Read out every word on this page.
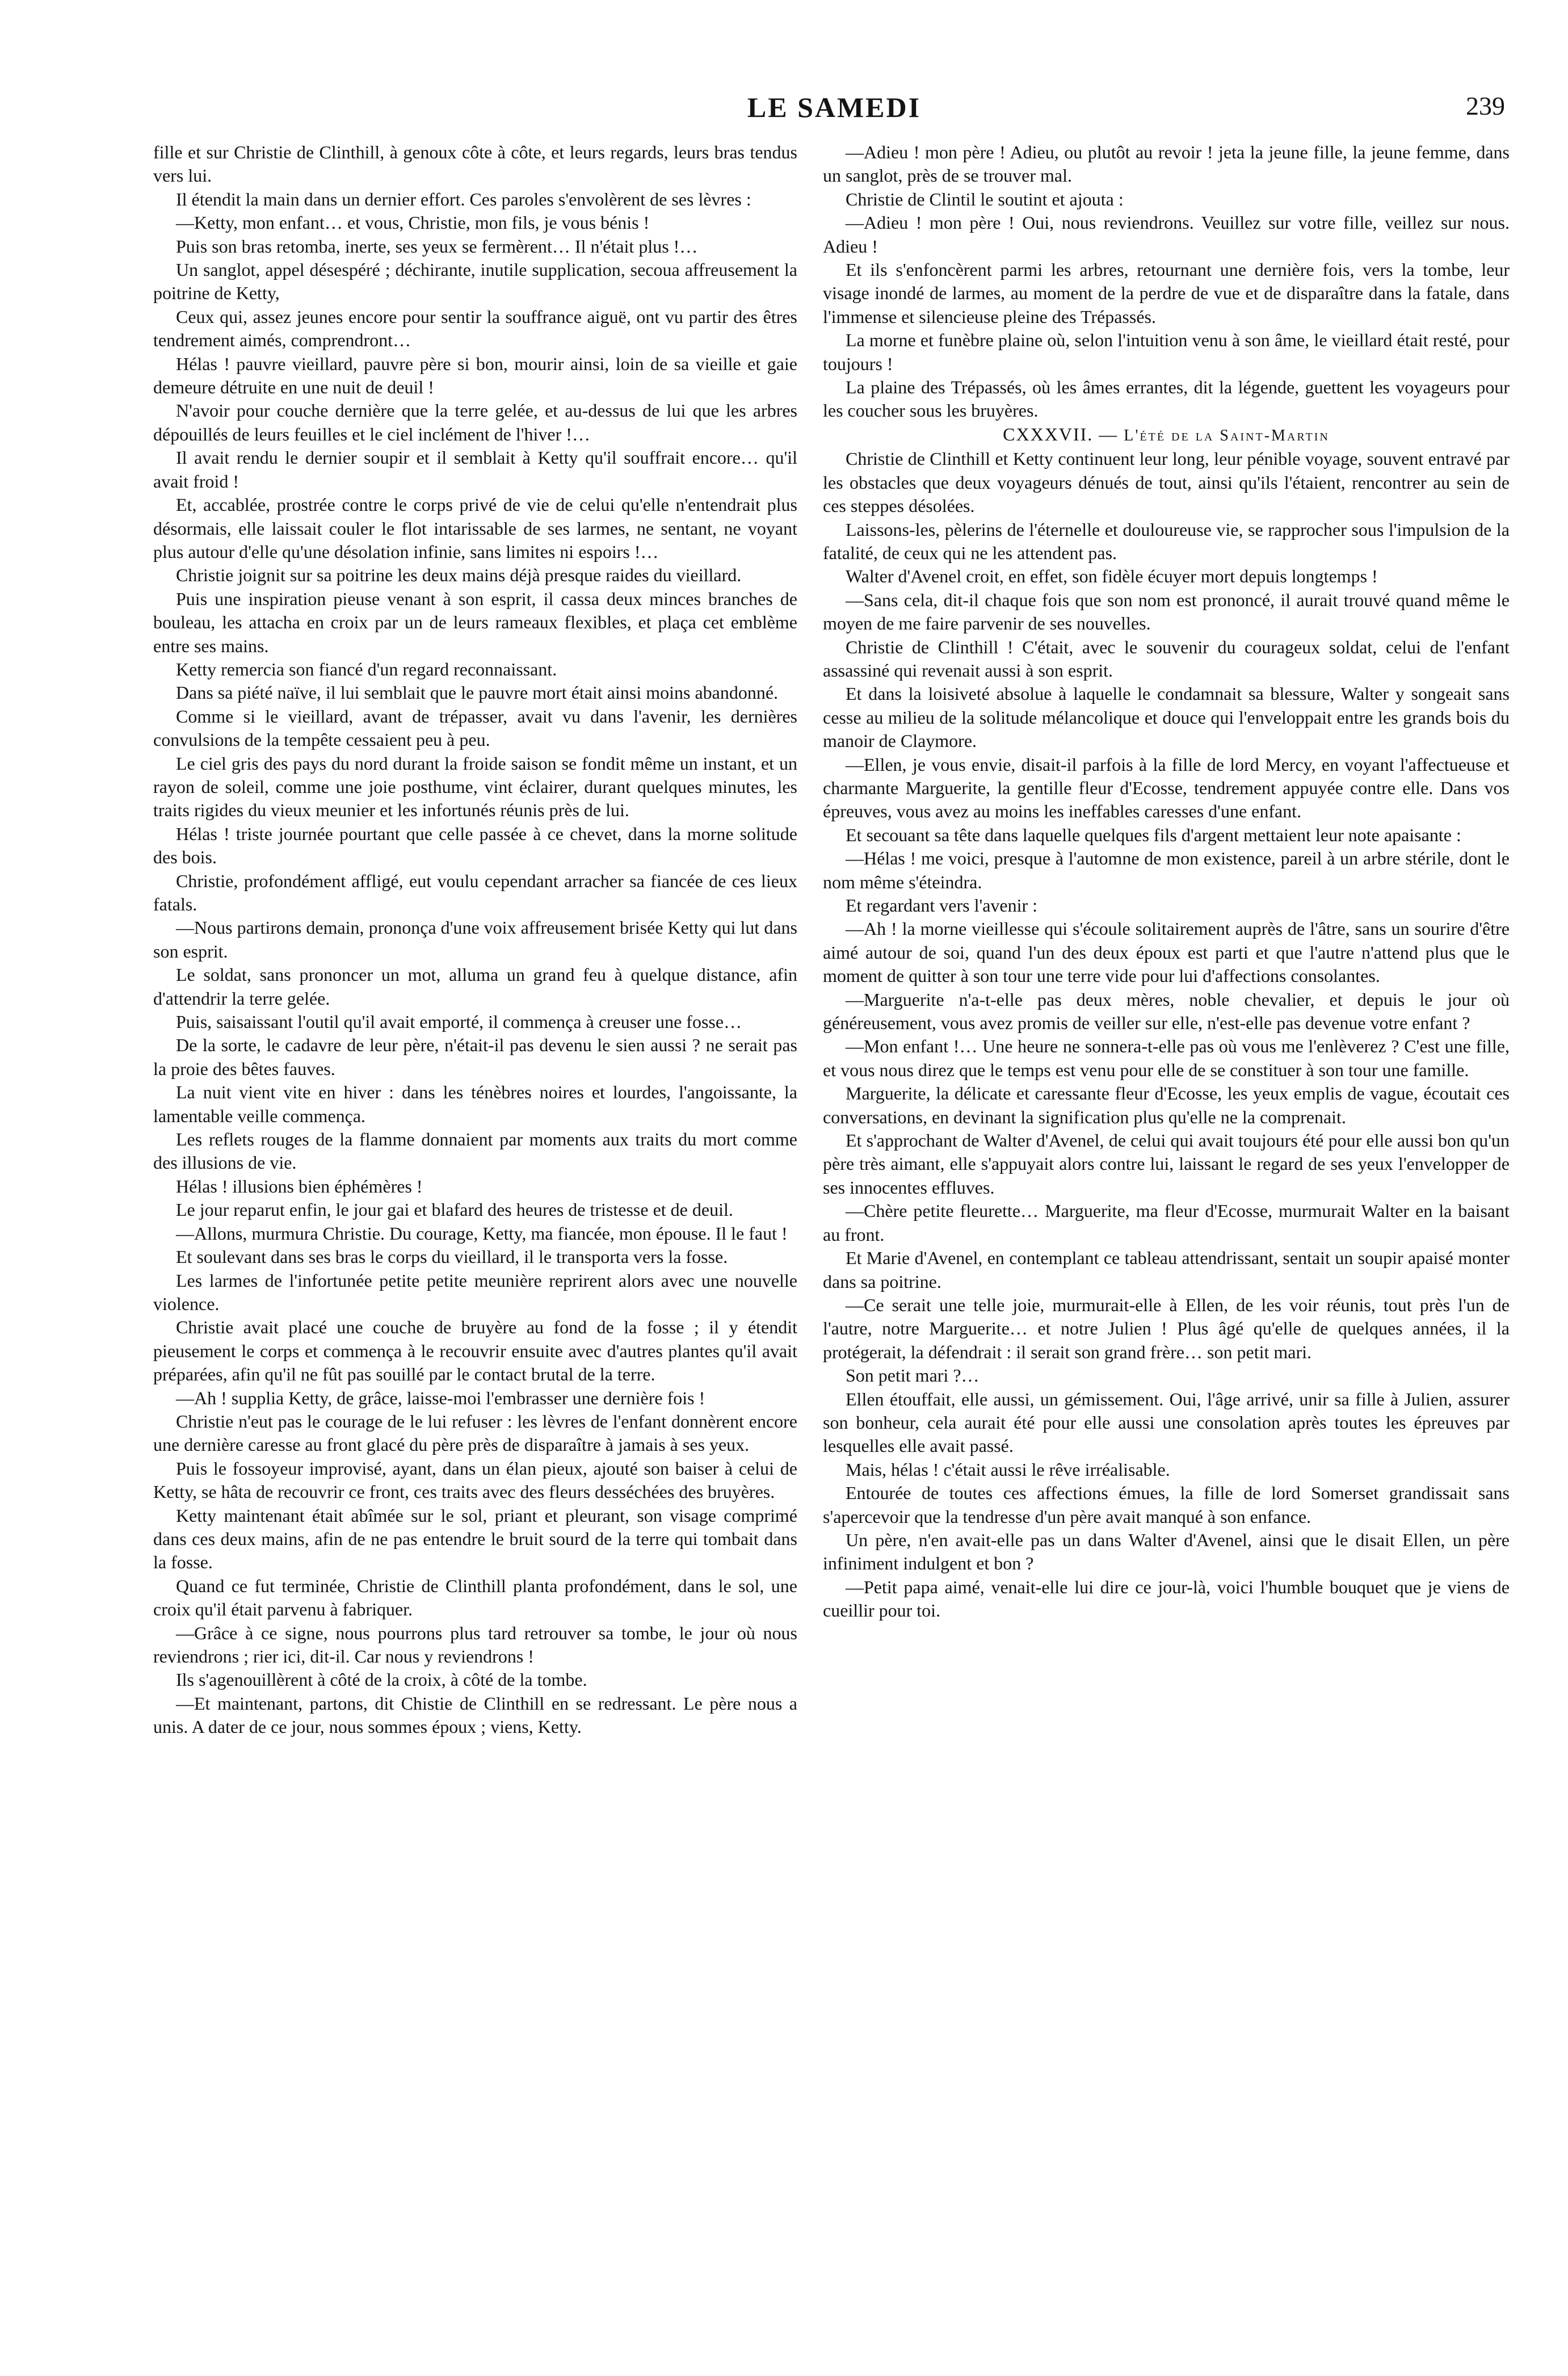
LE SAMEDI	239

fille et sur Christie de Clinthill, à genoux côte à côte, et leurs regards, leurs bras tendus vers lui.

Il étendit la main dans un dernier effort. Ces paroles s'envolèrent de ses lèvres :

—Ketty, mon enfant… et vous, Christie, mon fils, je vous bénis !

Puis son bras retomba, inerte, ses yeux se fermèrent… Il n'était plus !…

Un sanglot, appel désespéré ; déchirante, inutile supplication, secoua affreusement la poitrine de Ketty,

Ceux qui, assez jeunes encore pour sentir la souffrance aiguë, ont vu partir des êtres tendrement aimés, comprendront…

Hélas ! pauvre vieillard, pauvre père si bon, mourir ainsi, loin de sa vieille et gaie demeure détruite en une nuit de deuil !

N'avoir pour couche dernière que la terre gelée, et au-dessus de lui que les arbres dépouillés de leurs feuilles et le ciel inclément de l'hiver !…

Il avait rendu le dernier soupir et il semblait à Ketty qu'il souffrait encore… qu'il avait froid !

Et, accablée, prostrée contre le corps privé de vie de celui qu'elle n'entendrait plus désormais, elle laissait couler le flot intarissable de ses larmes, ne sentant, ne voyant plus autour d'elle qu'une désolation infinie, sans limites ni espoirs !…

Christie joignit sur sa poitrine les deux mains déjà presque raides du vieillard.

Puis une inspiration pieuse venant à son esprit, il cassa deux minces branches de bouleau, les attacha en croix par un de leurs rameaux flexibles, et plaça cet emblème entre ses mains.

Ketty remercia son fiancé d'un regard reconnaissant.

Dans sa piété naïve, il lui semblait que le pauvre mort était ainsi moins abandonné.

Comme si le vieillard, avant de trépasser, avait vu dans l'avenir, les dernières convulsions de la tempête cessaient peu à peu.

Le ciel gris des pays du nord durant la froide saison se fondit même un instant, et un rayon de soleil, comme une joie posthume, vint éclairer, durant quelques minutes, les traits rigides du vieux meunier et les infortunés réunis près de lui.

Hélas ! triste journée pourtant que celle passée à ce chevet, dans la morne solitude des bois.

Christie, profondément affligé, eut voulu cependant arracher sa fiancée de ces lieux fatals.

—Nous partirons demain, prononça d'une voix affreusement brisée Ketty qui lut dans son esprit.

Le soldat, sans prononcer un mot, alluma un grand feu à quelque distance, afin d'attendrir la terre gelée.

Puis, saisaissant l'outil qu'il avait emporté, il commença à creuser une fosse…

De la sorte, le cadavre de leur père, n'était-il pas devenu le sien aussi ? ne serait pas la proie des bêtes fauves.

La nuit vient vite en hiver : dans les ténèbres noires et lourdes, l'angoissante, la lamentable veille commença.

Les reflets rouges de la flamme donnaient par moments aux traits du mort comme des illusions de vie.

Hélas ! illusions bien éphémères !

Le jour reparut enfin, le jour gai et blafard des heures de tristesse et de deuil.

—Allons, murmura Christie. Du courage, Ketty, ma fiancée, mon épouse. Il le faut !

Et soulevant dans ses bras le corps du vieillard, il le transporta vers la fosse.

Les larmes de l'infortunée petite petite meunière reprirent alors avec une nouvelle violence.

Christie avait placé une couche de bruyère au fond de la fosse ; il y étendit pieusement le corps et commença à le recouvrir ensuite avec d'autres plantes qu'il avait préparées, afin qu'il ne fût pas souillé par le contact brutal de la terre.

—Ah ! supplia Ketty, de grâce, laisse-moi l'embrasser une dernière fois !

Christie n'eut pas le courage de le lui refuser : les lèvres de l'enfant donnèrent encore une dernière caresse au front glacé du père près de disparaître à jamais à ses yeux.

Puis le fossoyeur improvisé, ayant, dans un élan pieux, ajouté son baiser à celui de Ketty, se hâta de recouvrir ce front, ces traits avec des fleurs desséchées des bruyères.

Ketty maintenant était abîmée sur le sol, priant et pleurant, son visage comprimé dans ces deux mains, afin de ne pas entendre le bruit sourd de la terre qui tombait dans la fosse.

Quand ce fut terminée, Christie de Clinthill planta profondément, dans le sol, une croix qu'il était parvenu à fabriquer.

—Grâce à ce signe, nous pourrons plus tard retrouver sa tombe, le jour où nous reviendrons ; rier ici, dit-il. Car nous y reviendrons !

Ils s'agenouillèrent à côté de la croix, à côté de la tombe.

—Et maintenant, partons, dit Chistie de Clinthill en se redressant. Le père nous a unis. A dater de ce jour, nous sommes époux ; viens, Ketty.

—Adieu ! mon père ! Adieu, ou plutôt au revoir ! jeta la jeune fille, la jeune femme, dans un sanglot, près de se trouver mal.

Christie de Clintil le soutint et ajouta :

—Adieu ! mon père ! Oui, nous reviendrons. Veuillez sur votre fille, veillez sur nous. Adieu !

Et ils s'enfoncèrent parmi les arbres, retournant une dernière fois, vers la tombe, leur visage inondé de larmes, au moment de la perdre de vue et de disparaître dans la fatale, dans l'immense et silencieuse pleine des Trépassés.

La morne et funèbre plaine où, selon l'intuition venu à son âme, le vieillard était resté, pour toujours !

La plaine des Trépassés, où les âmes errantes, dit la légende, guettent les voyageurs pour les coucher sous les bruyères.

CXXXVII. — L'été de la Saint-Martin

Christie de Clinthill et Ketty continuent leur long, leur pénible voyage, souvent entravé par les obstacles que deux voyageurs dénués de tout, ainsi qu'ils l'étaient, rencontrer au sein de ces steppes désolées.

Laissons-les, pèlerins de l'éternelle et douloureuse vie, se rapprocher sous l'impulsion de la fatalité, de ceux qui ne les attendent pas.

Walter d'Avenel croit, en effet, son fidèle écuyer mort depuis longtemps !

—Sans cela, dit-il chaque fois que son nom est prononcé, il aurait trouvé quand même le moyen de me faire parvenir de ses nouvelles.

Christie de Clinthill ! C'était, avec le souvenir du courageux soldat, celui de l'enfant assassiné qui revenait aussi à son esprit.

Et dans la loisiveté absolue à laquelle le condamnait sa blessure, Walter y songeait sans cesse au milieu de la solitude mélancolique et douce qui l'enveloppait entre les grands bois du manoir de Claymore.

—Ellen, je vous envie, disait-il parfois à la fille de lord Mercy, en voyant l'affectueuse et charmante Marguerite, la gentille fleur d'Ecosse, tendrement appuyée contre elle. Dans vos épreuves, vous avez au moins les ineffables caresses d'une enfant.

Et secouant sa tête dans laquelle quelques fils d'argent mettaient leur note apaisante :

—Hélas ! me voici, presque à l'automne de mon existence, pareil à un arbre stérile, dont le nom même s'éteindra.

Et regardant vers l'avenir :

—Ah ! la morne vieillesse qui s'écoule solitairement auprès de l'âtre, sans un sourire d'être aimé autour de soi, quand l'un des deux époux est parti et que l'autre n'attend plus que le moment de quitter à son tour une terre vide pour lui d'affections consolantes.

—Marguerite n'a-t-elle pas deux mères, noble chevalier, et depuis le jour où généreusement, vous avez promis de veiller sur elle, n'est-elle pas devenue votre enfant ?

—Mon enfant !… Une heure ne sonnera-t-elle pas où vous me l'enlèverez ? C'est une fille, et vous nous direz que le temps est venu pour elle de se constituer à son tour une famille.

Marguerite, la délicate et caressante fleur d'Ecosse, les yeux emplis de vague, écoutait ces conversations, en devinant la signification plus qu'elle ne la comprenait.

Et s'approchant de Walter d'Avenel, de celui qui avait toujours été pour elle aussi bon qu'un père très aimant, elle s'appuyait alors contre lui, laissant le regard de ses yeux l'envelopper de ses innocentes effluves.

—Chère petite fleurette… Marguerite, ma fleur d'Ecosse, murmurait Walter en la baisant au front.

Et Marie d'Avenel, en contemplant ce tableau attendrissant, sentait un soupir apaisé monter dans sa poitrine.

—Ce serait une telle joie, murmurait-elle à Ellen, de les voir réunis, tout près l'un de l'autre, notre Marguerite… et notre Julien ! Plus âgé qu'elle de quelques années, il la protégerait, la défendrait : il serait son grand frère… son petit mari.

Son petit mari ?…

Ellen étouffait, elle aussi, un gémissement. Oui, l'âge arrivé, unir sa fille à Julien, assurer son bonheur, cela aurait été pour elle aussi une consolation après toutes les épreuves par lesquelles elle avait passé.

Mais, hélas ! c'était aussi le rêve irréalisable.

Entourée de toutes ces affections émues, la fille de lord Somerset grandissait sans s'apercevoir que la tendresse d'un père avait manqué à son enfance.

Un père, n'en avait-elle pas un dans Walter d'Avenel, ainsi que le disait Ellen, un père infiniment indulgent et bon ?

—Petit papa aimé, venait-elle lui dire ce jour-là, voici l'humble bouquet que je viens de cueillir pour toi.
